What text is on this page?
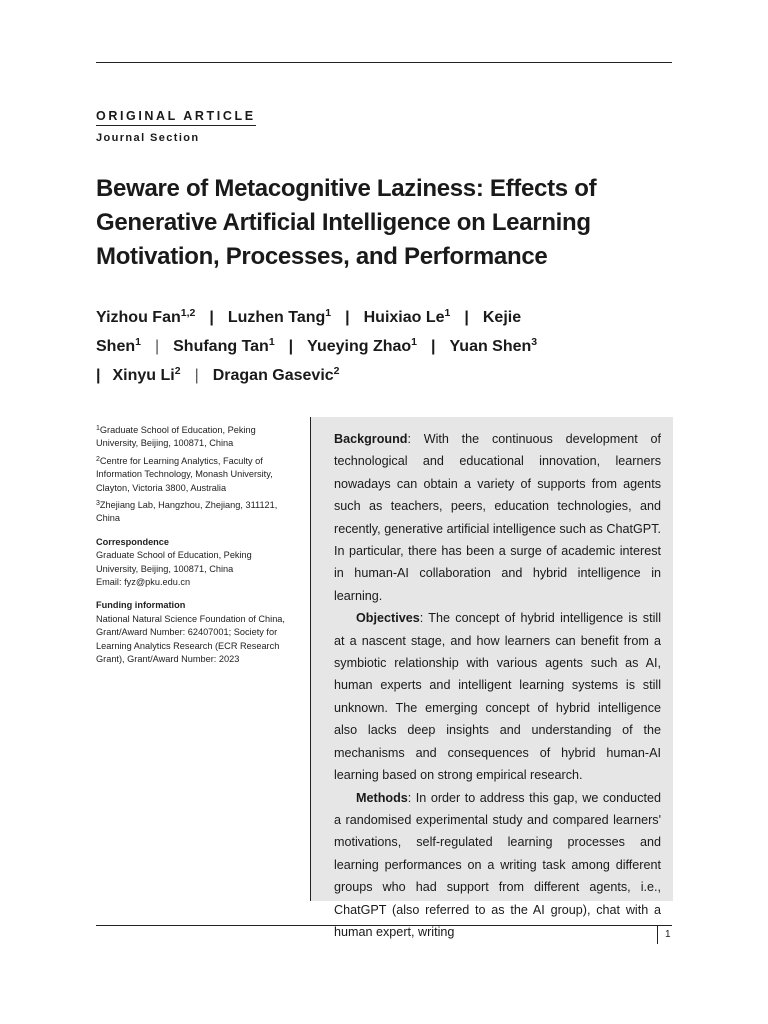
ORIGINAL ARTICLE
Journal Section
Beware of Metacognitive Laziness: Effects of Generative Artificial Intelligence on Learning Motivation, Processes, and Performance
Yizhou Fan$^{1,2}$ | Luzhen Tang$^1$ | Huixiao Le$^1$ | Kejie
Shen$^1$ | Shufang Tan$^1$ | Yueying Zhao$^1$ | Yuan Shen$^3$
| Xinyu Li$^2$ | Dragan Gasevic$^2$
$^1$Graduate School of Education, Peking University, Beijing, 100871, China
$^2$Centre for Learning Analytics, Faculty of Information Technology, Monash University, Clayton, Victoria 3800, Australia
$^3$Zhejiang Lab, Hangzhou, Zhejiang, 311121, China
Correspondence
Graduate School of Education, Peking University, Beijing, 100871, China
Email: fyz@pku.edu.cn
Funding information
National Natural Science Foundation of China, Grant/Award Number: 62407001; Society for Learning Analytics Research (ECR Research Grant), Grant/Award Number: 2023

Background: With the continuous development of technological and educational innovation, learners nowadays can obtain a variety of supports from agents such as teachers, peers, education technologies, and recently, generative artificial intelligence such as ChatGPT. In particular, there has been a surge of academic interest in human-AI collaboration and hybrid intelligence in learning.

Objectives: The concept of hybrid intelligence is still at a nascent stage, and how learners can benefit from a symbiotic relationship with various agents such as AI, human experts and intelligent learning systems is still unknown. The emerging concept of hybrid intelligence also lacks deep insights and understanding of the mechanisms and consequences of hybrid human-AI learning based on strong empirical research.

Methods: In order to address this gap, we conducted a randomised experimental study and compared learners' motivations, self-regulated learning processes and learning performances on a writing task among different groups who had support from different agents, i.e., ChatGPT (also referred to as the AI group), chat with a human expert, writing	1
